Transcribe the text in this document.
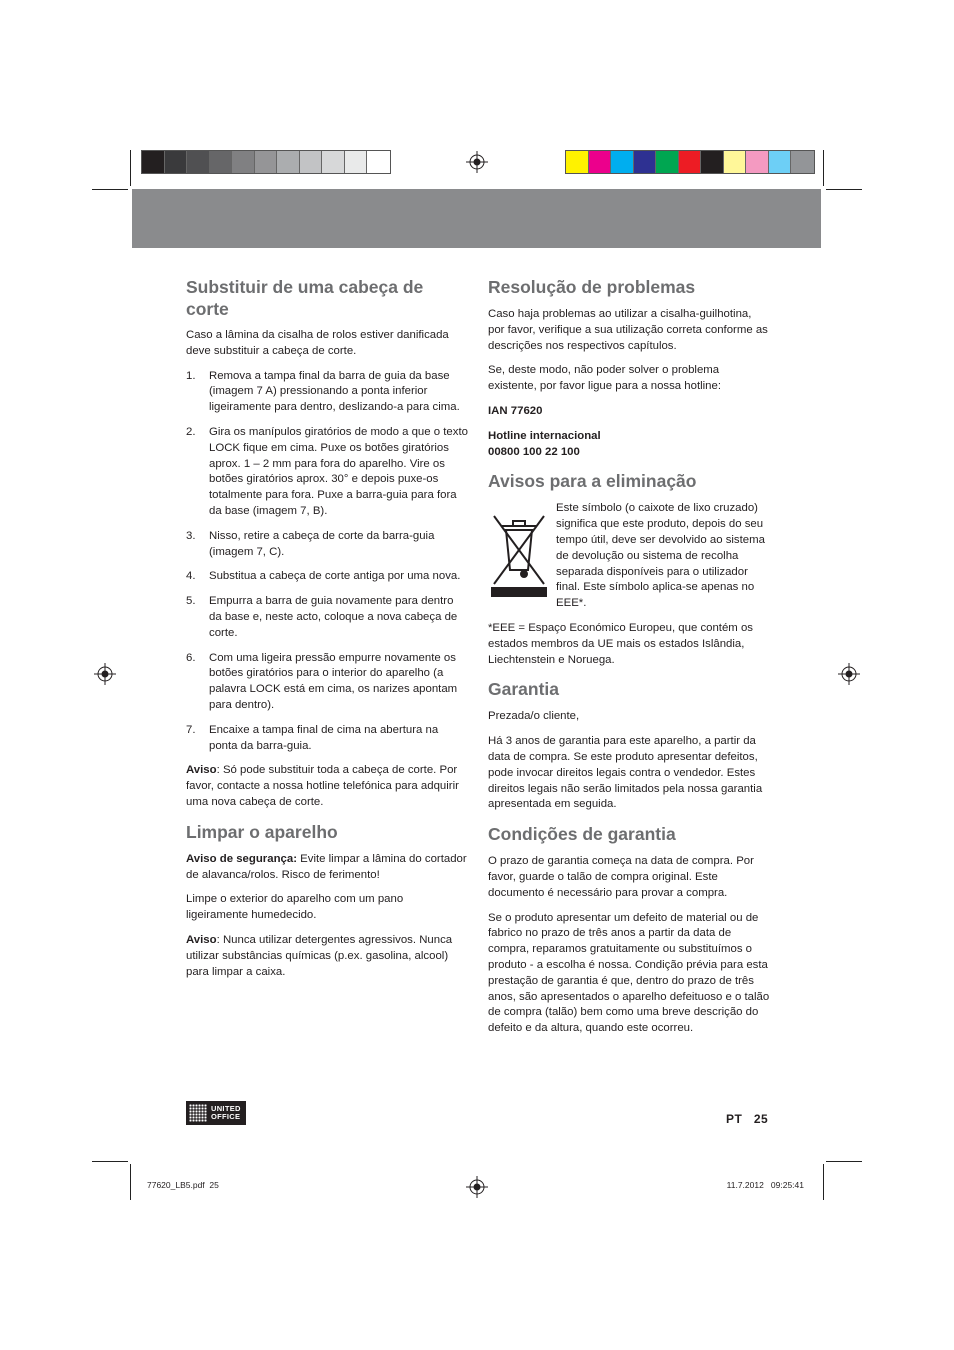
Substituir de uma cabeça de corte

Caso a lâmina da cisalha de rolos estiver danificada deve substituir a cabeça de corte.

1.	Remova a tampa final da barra de guia da base (imagem 7 A) pressionando a ponta inferior ligeiramente para dentro, deslizando-a para cima.
2.	Gira os manípulos giratórios de modo a que o texto LOCK fique em cima. Puxe os botões giratórios aprox. 1 – 2 mm para fora do aparelho. Vire os botões giratórios aprox. 30° e depois puxe-os totalmente para fora. Puxe a barra-guia para fora da base (imagem 7, B).
3.	Nisso, retire a cabeça de corte da barra-guia (imagem 7, C).
4.	Substitua a cabeça de corte antiga por uma nova.
5.	Empurra a barra de guia novamente para dentro da base e, neste acto, coloque a nova cabeça de corte.
6.	Com uma ligeira pressão empurre novamente os botões giratórios para o interior do aparelho (a palavra LOCK está em cima, os narizes apontam para dentro).
7.	Encaixe a tampa final de cima na abertura na ponta da barra-guia.

Aviso: Só pode substituir toda a cabeça de corte. Por favor, contacte a nossa hotline telefónica para adquirir uma nova cabeça de corte.

Limpar o aparelho

Aviso de segurança: Evite limpar a lâmina do cortador de alavanca/rolos. Risco de ferimento!

Limpe o exterior do aparelho com um pano ligeiramente humedecido.

Aviso: Nunca utilizar detergentes agressivos. Nunca utilizar substâncias químicas (p.ex. gasolina, alcool) para limpar a caixa.

Resolução de problemas

Caso haja problemas ao utilizar a cisalha-guilhotina, por favor, verifique a sua utilização correta conforme as descrições nos respectivos capítulos.

Se, deste modo, não poder solver o problema existente, por favor ligue para a nossa hotline:

IAN 77620

Hotline internacional

00800 100 22 100

Avisos para a eliminação
Este símbolo (o caixote de lixo cruzado) significa que este produto, depois do seu tempo útil, deve ser devolvido ao sistema de devolução ou sistema de recolha separada disponíveis para o utilizador final. Este símbolo aplica-se apenas no EEE*.

*EEE = Espaço Económico Europeu, que contém os estados membros da UE mais os estados Islândia, Liechtenstein e Noruega.

Garantia

Prezada/o cliente,

Há 3 anos de garantia para este aparelho, a partir da data de compra. Se este produto apresentar defeitos, pode invocar direitos legais contra o vendedor. Estes direitos legais não serão limitados pela nossa garantia apresentada em seguida.

Condições de garantia

O prazo de garantia começa na data de compra. Por favor, guarde o talão de compra original. Este documento é necessário para provar a compra.

Se o produto apresentar um defeito de material ou de fabrico no prazo de três anos a partir da data de compra, reparamos gratuitamente ou substituímos o produto - a escolha é nossa. Condição prévia para esta prestação de garantia é que, dentro do prazo de três anos, são apresentados o aparelho defeituoso e o talão de compra (talão) bem como uma breve descrição do defeito e da altura, quando este ocorreu.

UNITED
OFFICE	PT   25
77620_LB5.pdf  25	11.7.2012   09:25:41
